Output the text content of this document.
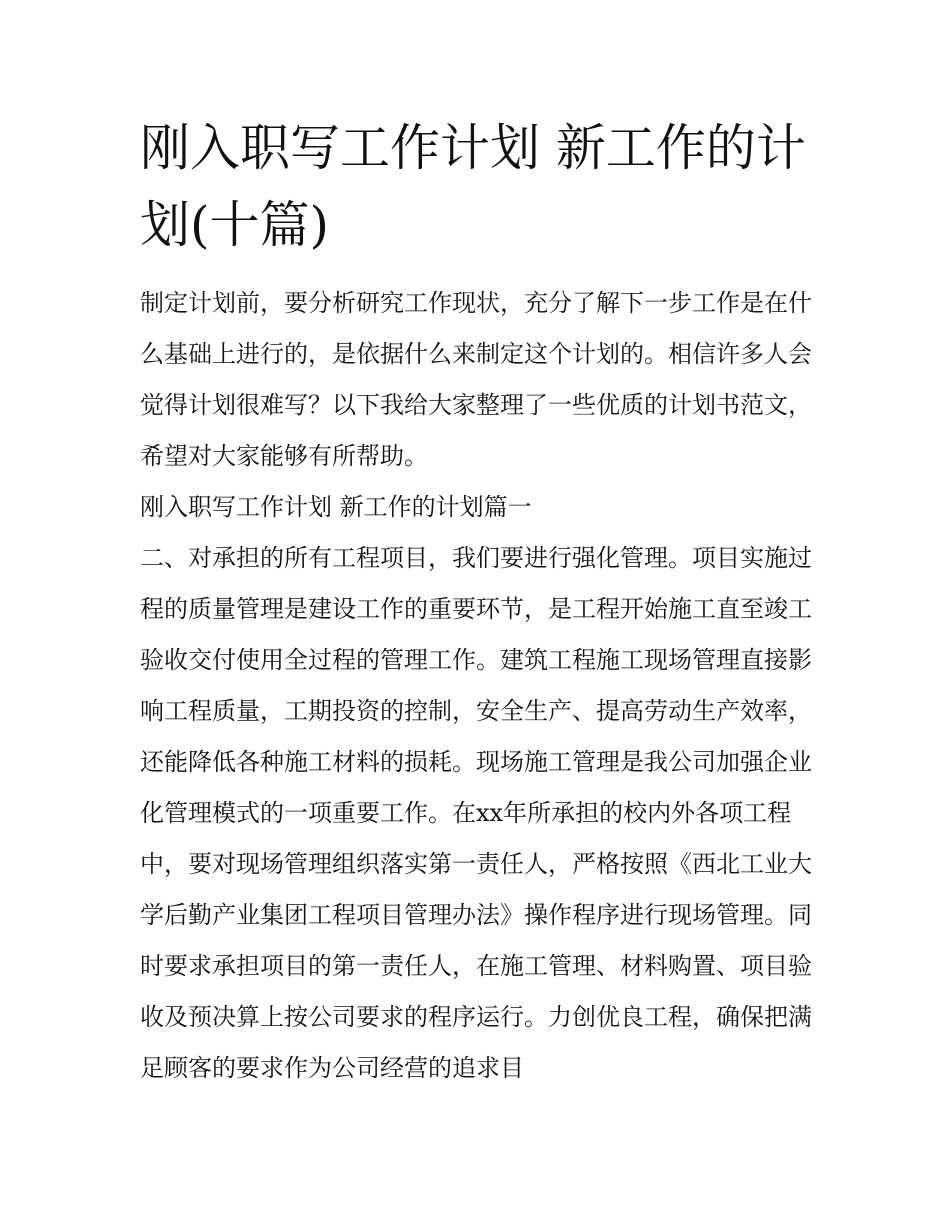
刚入职写工作计划 新工作的计划(十篇)

制定计划前，要分析研究工作现状，充分了解下一步工作是在什么基础上进行的，是依据什么来制定这个计划的。相信许多人会觉得计划很难写？以下我给大家整理了一些优质的计划书范文，希望对大家能够有所帮助。

刚入职写工作计划 新工作的计划篇一

二、对承担的所有工程项目，我们要进行强化管理。项目实施过程的质量管理是建设工作的重要环节，是工程开始施工直至竣工验收交付使用全过程的管理工作。建筑工程施工现场管理直接影响工程质量，工期投资的控制，安全生产、提高劳动生产效率，还能降低各种施工材料的损耗。现场施工管理是我公司加强企业化管理模式的一项重要工作。在xx年所承担的校内外各项工程中，要对现场管理组织落实第一责任人，严格按照《西北工业大学后勤产业集团工程项目管理办法》操作程序进行现场管理。同时要求承担项目的第一责任人，在施工管理、材料购置、项目验收及预决算上按公司要求的程序运行。力创优良工程，确保把满足顾客的要求作为公司经营的追求目
